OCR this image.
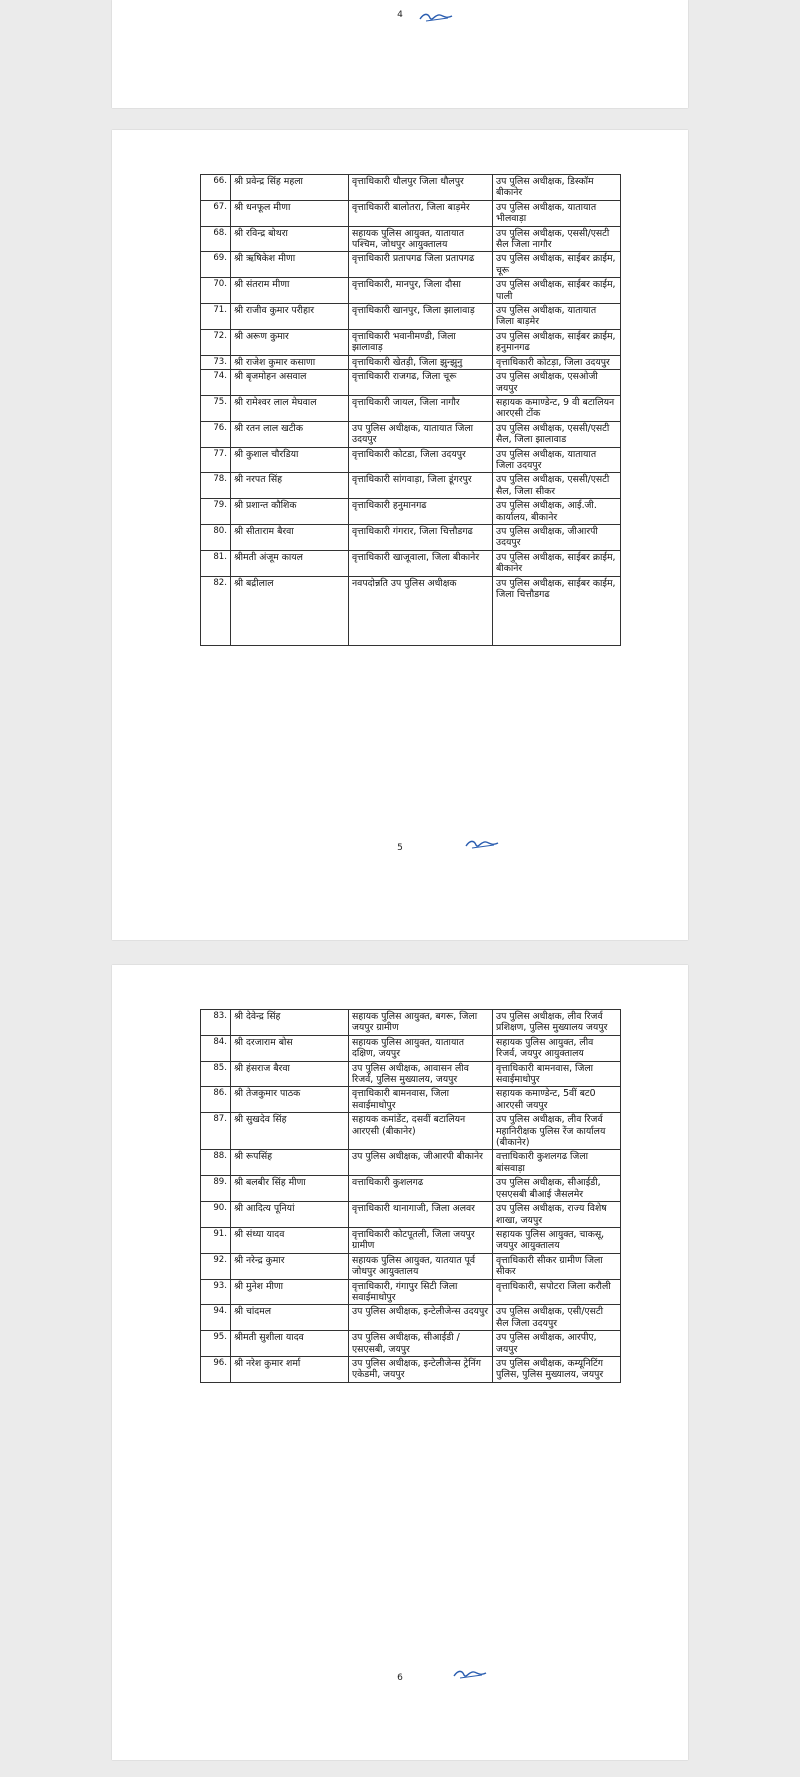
4
66.	श्री प्रवेन्द्र सिंह महला	वृत्ताधिकारी धौलपुर जिला धौलपुर	उप पुलिस अधीक्षक, डिस्कॉम बीकानेर
67.	श्री धनफूल मीणा	वृत्ताधिकारी बालोतरा, जिला बाड़मेर	उप पुलिस अधीक्षक, यातायात भीलवाड़ा
68.	श्री रविन्द्र बोथरा	सहायक पुलिस आयुक्त, यातायात पश्चिम, जोधपुर आयुक्तालय	उप पुलिस अधीक्षक, एससी/एसटी सैल जिला नागौर
69.	श्री ऋषिकेश मीणा	वृत्ताधिकारी प्रतापगढ जिला प्रतापगढ	उप पुलिस अधीक्षक, साईबर क्राईम, चूरू
70.	श्री संतराम मीणा	वृत्ताधिकारी, मानपुर, जिला दौसा	उप पुलिस अधीक्षक, साईबर काईम, पाली
71.	श्री राजीव कुमार परीहार	वृत्ताधिकारी खानपुर, जिला झालावाड़	उप पुलिस अधीक्षक, यातायात जिला बाड़मेर
72.	श्री अरूण कुमार	वृत्ताधिकारी भवानीमण्डी, जिला झालावाड़	उप पुलिस अधीक्षक, साईबर क्राईम, हनुमानगढ
73.	श्री राजेश कुमार कसाणा	वृत्ताधिकारी खेतड़ी, जिला झुन्झुनु	वृत्ताधिकारी कोटड़ा, जिला उदयपुर
74.	श्री बृजमोहन असवाल	वृत्ताधिकारी राजगढ, जिला चूरू	उप पुलिस अधीक्षक, एसओजी जयपुर
75.	श्री रामेश्वर लाल मेघवाल	वृत्ताधिकारी जायल, जिला नागौर	सहायक कमाण्डेन्ट, 9 वी बटालियन आरएसी टोंक
76.	श्री रतन लाल खटीक	उप पुलिस अधीक्षक, यातायात जिला उदयपुर	उप पुलिस अधीक्षक, एससी/एसटी सैल, जिला झालावाड
77.	श्री कुशाल चौरडिया	वृत्ताधिकारी कोटडा, जिला उदयपुर	उप पुलिस अधीक्षक, यातायात जिला उदयपुर
78.	श्री नरपत सिंह	वृत्ताधिकारी सांगवाड़ा, जिला डूंगरपुर	उप पुलिस अधीक्षक, एससी/एसटी सैल, जिला सीकर
79.	श्री प्रशान्त कौशिक	वृत्ताधिकारी हनुमानगढ	उप पुलिस अधीक्षक, आई.जी. कार्यालय, बीकानेर
80.	श्री सीताराम बैरवा	वृत्ताधिकारी गंगरार, जिला चित्तौडगढ	उप पुलिस अधीक्षक, जीआरपी उदयपुर
81.	श्रीमती अंजूम कायल	वृत्ताधिकारी खाजूवाला, जिला बीकानेर	उप पुलिस अधीक्षक, साईबर क्राईम, बीकानेर
82.	श्री बद्रीलाल	नवपदोन्नति उप पुलिस अधीक्षक	उप पुलिस अधीक्षक, साईबर काईम, जिला चित्तौडगढ
5
83.	श्री देवेन्द्र सिंह	सहायक पुलिस आयुक्त, बगरू, जिला जयपुर ग्रामीण	उप पुलिस अधीक्षक, लीव रिजर्व प्रशिक्षण, पुलिस मुख्यालय जयपुर
84.	श्री दरजाराम बोस	सहायक पुलिस आयुक्त, यातायात दक्षिण, जयपुर	सहायक पुलिस आयुक्त, लीव रिजर्व, जयपुर आयुक्तालय
85.	श्री हंसराज बैरवा	उप पुलिस अधीक्षक, आवासन लीव रिजर्व, पुलिस मुख्यालय, जयपुर	वृत्ताधिकारी बामनवास, जिला सवाईमाधोपुर
86.	श्री तेजकुमार पाठक	वृत्ताधिकारी बामनवास, जिला सवाईमाधोपुर	सहायक कमाण्डेन्ट, 5वीं बट0 आरएसी जयपुर
87.	श्री सुखदेव सिंह	सहायक कमांडेंट, दसवीं बटालियन आरएसी (बीकानेर)	उप पुलिस अधीक्षक, लीव रिजर्व महानिरीक्षक पुलिस रेंज कार्यालय (बीकानेर)
88.	श्री रूपसिंह	उप पुलिस अधीक्षक, जीआरपी बीकानेर	वत्ताधिकारी कुशलगढ जिला बांसवाड़ा
89.	श्री बलबीर सिंह मीणा	वत्ताधिकारी कुशलगढ	उप पुलिस अधीक्षक, सीआईडी, एसएसबी बीआई जैसलमेर
90.	श्री आदित्य पूनियां	वृत्ताधिकारी थानागाजी, जिला अलवर	उप पुलिस अधीक्षक, राज्य विशेष शाखा, जयपुर
91.	श्री संध्या यादव	वृत्ताधिकारी कोटपूतली, जिला जयपुर ग्रामीण	सहायक पुलिस आयुक्त, चाकसू, जयपुर आयुक्तालय
92.	श्री नरेन्द्र कुमार	सहायक पुलिस आयुक्त, यातयात पूर्व जोधपुर आयुक्तालय	वृत्ताधिकारी सीकर ग्रामीण जिला सीकर
93.	श्री मुनेश मीणा	वृत्ताधिकारी, गंगापुर सिटी जिला सवाईमाधोपुर	वृत्ताधिकारी, सपोटरा जिला करौली
94.	श्री चांदमल	उप पुलिस अधीक्षक, इन्टेलीजेन्स उदयपुर	उप पुलिस अधीक्षक, एसी/एसटी सैल जिला उदयपुर
95.	श्रीमती सुशीला यादव	उप पुलिस अधीक्षक, सीआईडी /एसएसबी, जयपुर	उप पुलिस अधीक्षक, आरपीए, जयपुर
96.	श्री नरेश कुमार शर्मा	उप पुलिस अधीक्षक, इन्टेलीजेन्स ट्रेनिंग एकेडमी, जयपुर	उप पुलिस अधीक्षक, कम्यूनिटिंग पुलिस, पुलिस मुख्यालय, जयपुर
6
